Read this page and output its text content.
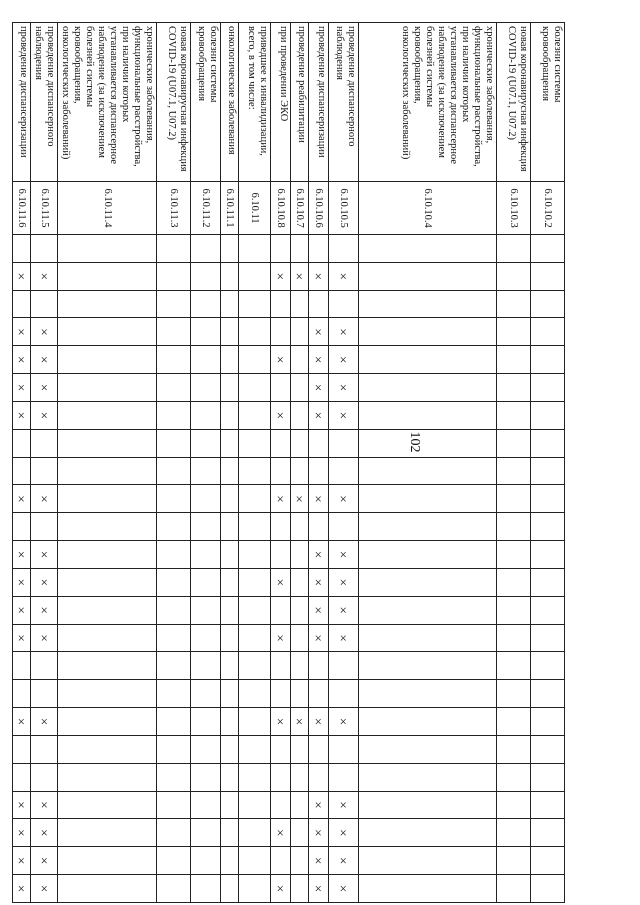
102
болезни системы кровообращения	6.10.10.2																								
новая коронавирусная инфекция COVID-19 (U07.1, U07.2)	6.10.10.3																								
хронические заболевания, функциональные расстройства, при наличии которых устанавливается диспансерное наблюдение (за исключением болезней системы кровообращения, онкологических заболеваний)	6.10.10.4																								
проведение диспансерного наблюдения	6.10.10.5		×		×	×	×	×			×		×	×	×	×			×			×	×	×	×
проведение диспансеризации	6.10.10.6		×		×	×	×	×			×		×	×	×	×			×			×	×	×	×
проведение реабилитации	6.10.10.7		×								×								×						
при проведении ЭКО	6.10.10.8		×			×		×			×			×		×			×				×		×
приведшее к инвалидизации, всего, в том числе:	6.10.11																								
онкологические заболевания	6.10.11.1																								
болезни системы кровообращения	6.10.11.2																								
новая коронавирусная инфекция COVID-19 (U07.1, U07.2)	6.10.11.3																								
хронические заболевания, функциональные расстройства, при наличии которых устанавливается диспансерное наблюдение (за исключением болезней системы кровообращения, онкологических заболеваний)	6.10.11.4																								
проведение диспансерного наблюдения	6.10.11.5		×		×	×	×	×			×		×	×	×	×			×			×	×	×	×
проведение диспансеризации	6.10.11.6		×		×	×	×	×			×		×	×	×	×			×			×	×	×	×
